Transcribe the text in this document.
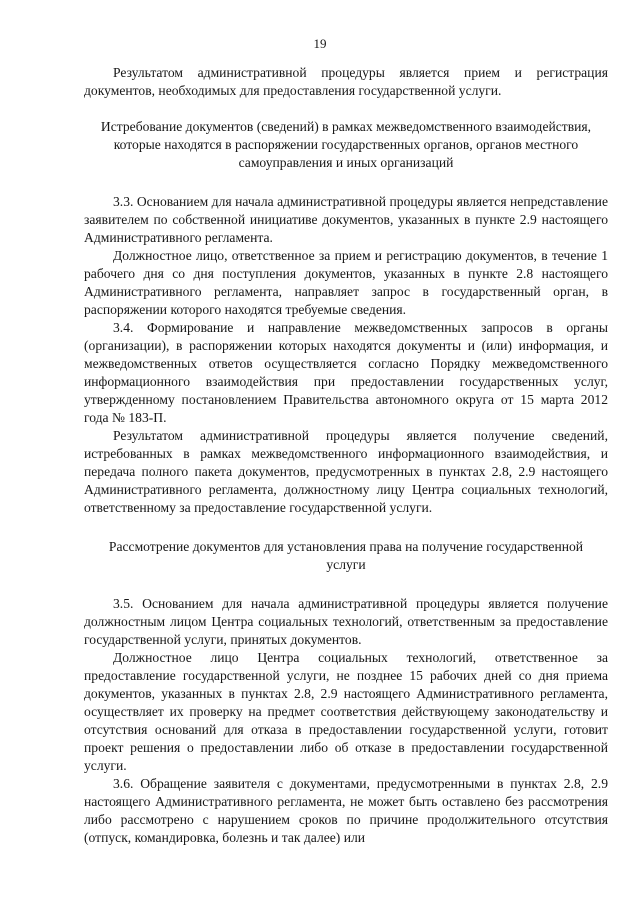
19

Результатом административной процедуры является прием и регистрация документов, необходимых для предоставления государственной услуги.

Истребование документов (сведений) в рамках межведомственного взаимодействия, которые находятся в распоряжении государственных органов, органов местного самоуправления и иных организаций

3.3. Основанием для начала административной процедуры является непредставление заявителем по собственной инициативе документов, указанных в пункте 2.9 настоящего Административного регламента.

Должностное лицо, ответственное за прием и регистрацию документов, в течение 1 рабочего дня со дня поступления документов, указанных в пункте 2.8 настоящего Административного регламента, направляет запрос в государственный орган, в распоряжении которого находятся требуемые сведения.

3.4. Формирование и направление межведомственных запросов в органы (организации), в распоряжении которых находятся документы и (или) информация, и межведомственных ответов осуществляется согласно Порядку межведомственного информационного взаимодействия при предоставлении государственных услуг, утвержденному постановлением Правительства автономного округа от 15 марта 2012 года № 183-П.

Результатом административной процедуры является получение сведений, истребованных в рамках межведомственного информационного взаимодействия, и передача полного пакета документов, предусмотренных в пунктах 2.8, 2.9 настоящего Административного регламента, должностному лицу Центра социальных технологий, ответственному за предоставление государственной услуги.

Рассмотрение документов для установления права на получение государственной услуги

3.5. Основанием для начала административной процедуры является получение должностным лицом Центра социальных технологий, ответственным за предоставление государственной услуги, принятых документов.

Должностное лицо Центра социальных технологий, ответственное за предоставление государственной услуги, не позднее 15 рабочих дней со дня приема документов, указанных в пунктах 2.8, 2.9 настоящего Административного регламента, осуществляет их проверку на предмет соответствия действующему законодательству и отсутствия оснований для отказа в предоставлении государственной услуги, готовит проект решения о предоставлении либо об отказе в предоставлении государственной услуги.

3.6. Обращение заявителя с документами, предусмотренными в пунктах 2.8, 2.9 настоящего Административного регламента, не может быть оставлено без рассмотрения либо рассмотрено с нарушением сроков по причине продолжительного отсутствия (отпуск, командировка, болезнь и так далее) или
